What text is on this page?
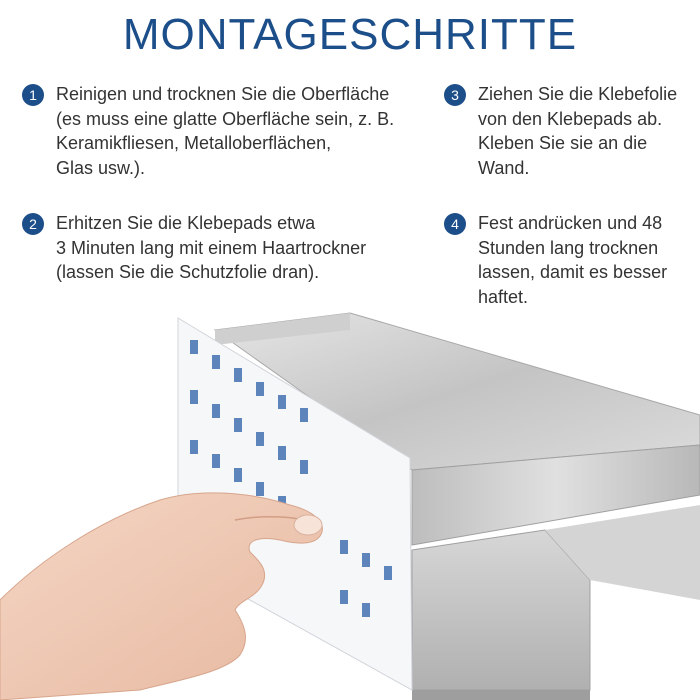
MONTAGESCHRITTE
1	Reinigen und trocknen Sie die Oberfläche
(es muss eine glatte Oberfläche sein, z. B.
Keramikfliesen, Metalloberflächen,
Glas usw.).
2	Erhitzen Sie die Klebepads etwa
3 Minuten lang mit einem Haartrockner
(lassen Sie die Schutzfolie dran).
3	Ziehen Sie die Klebefolie
von den Klebepads ab.
Kleben Sie sie an die
Wand.
4	Fest andrücken und 48
Stunden lang trocknen
lassen, damit es besser
haftet.
